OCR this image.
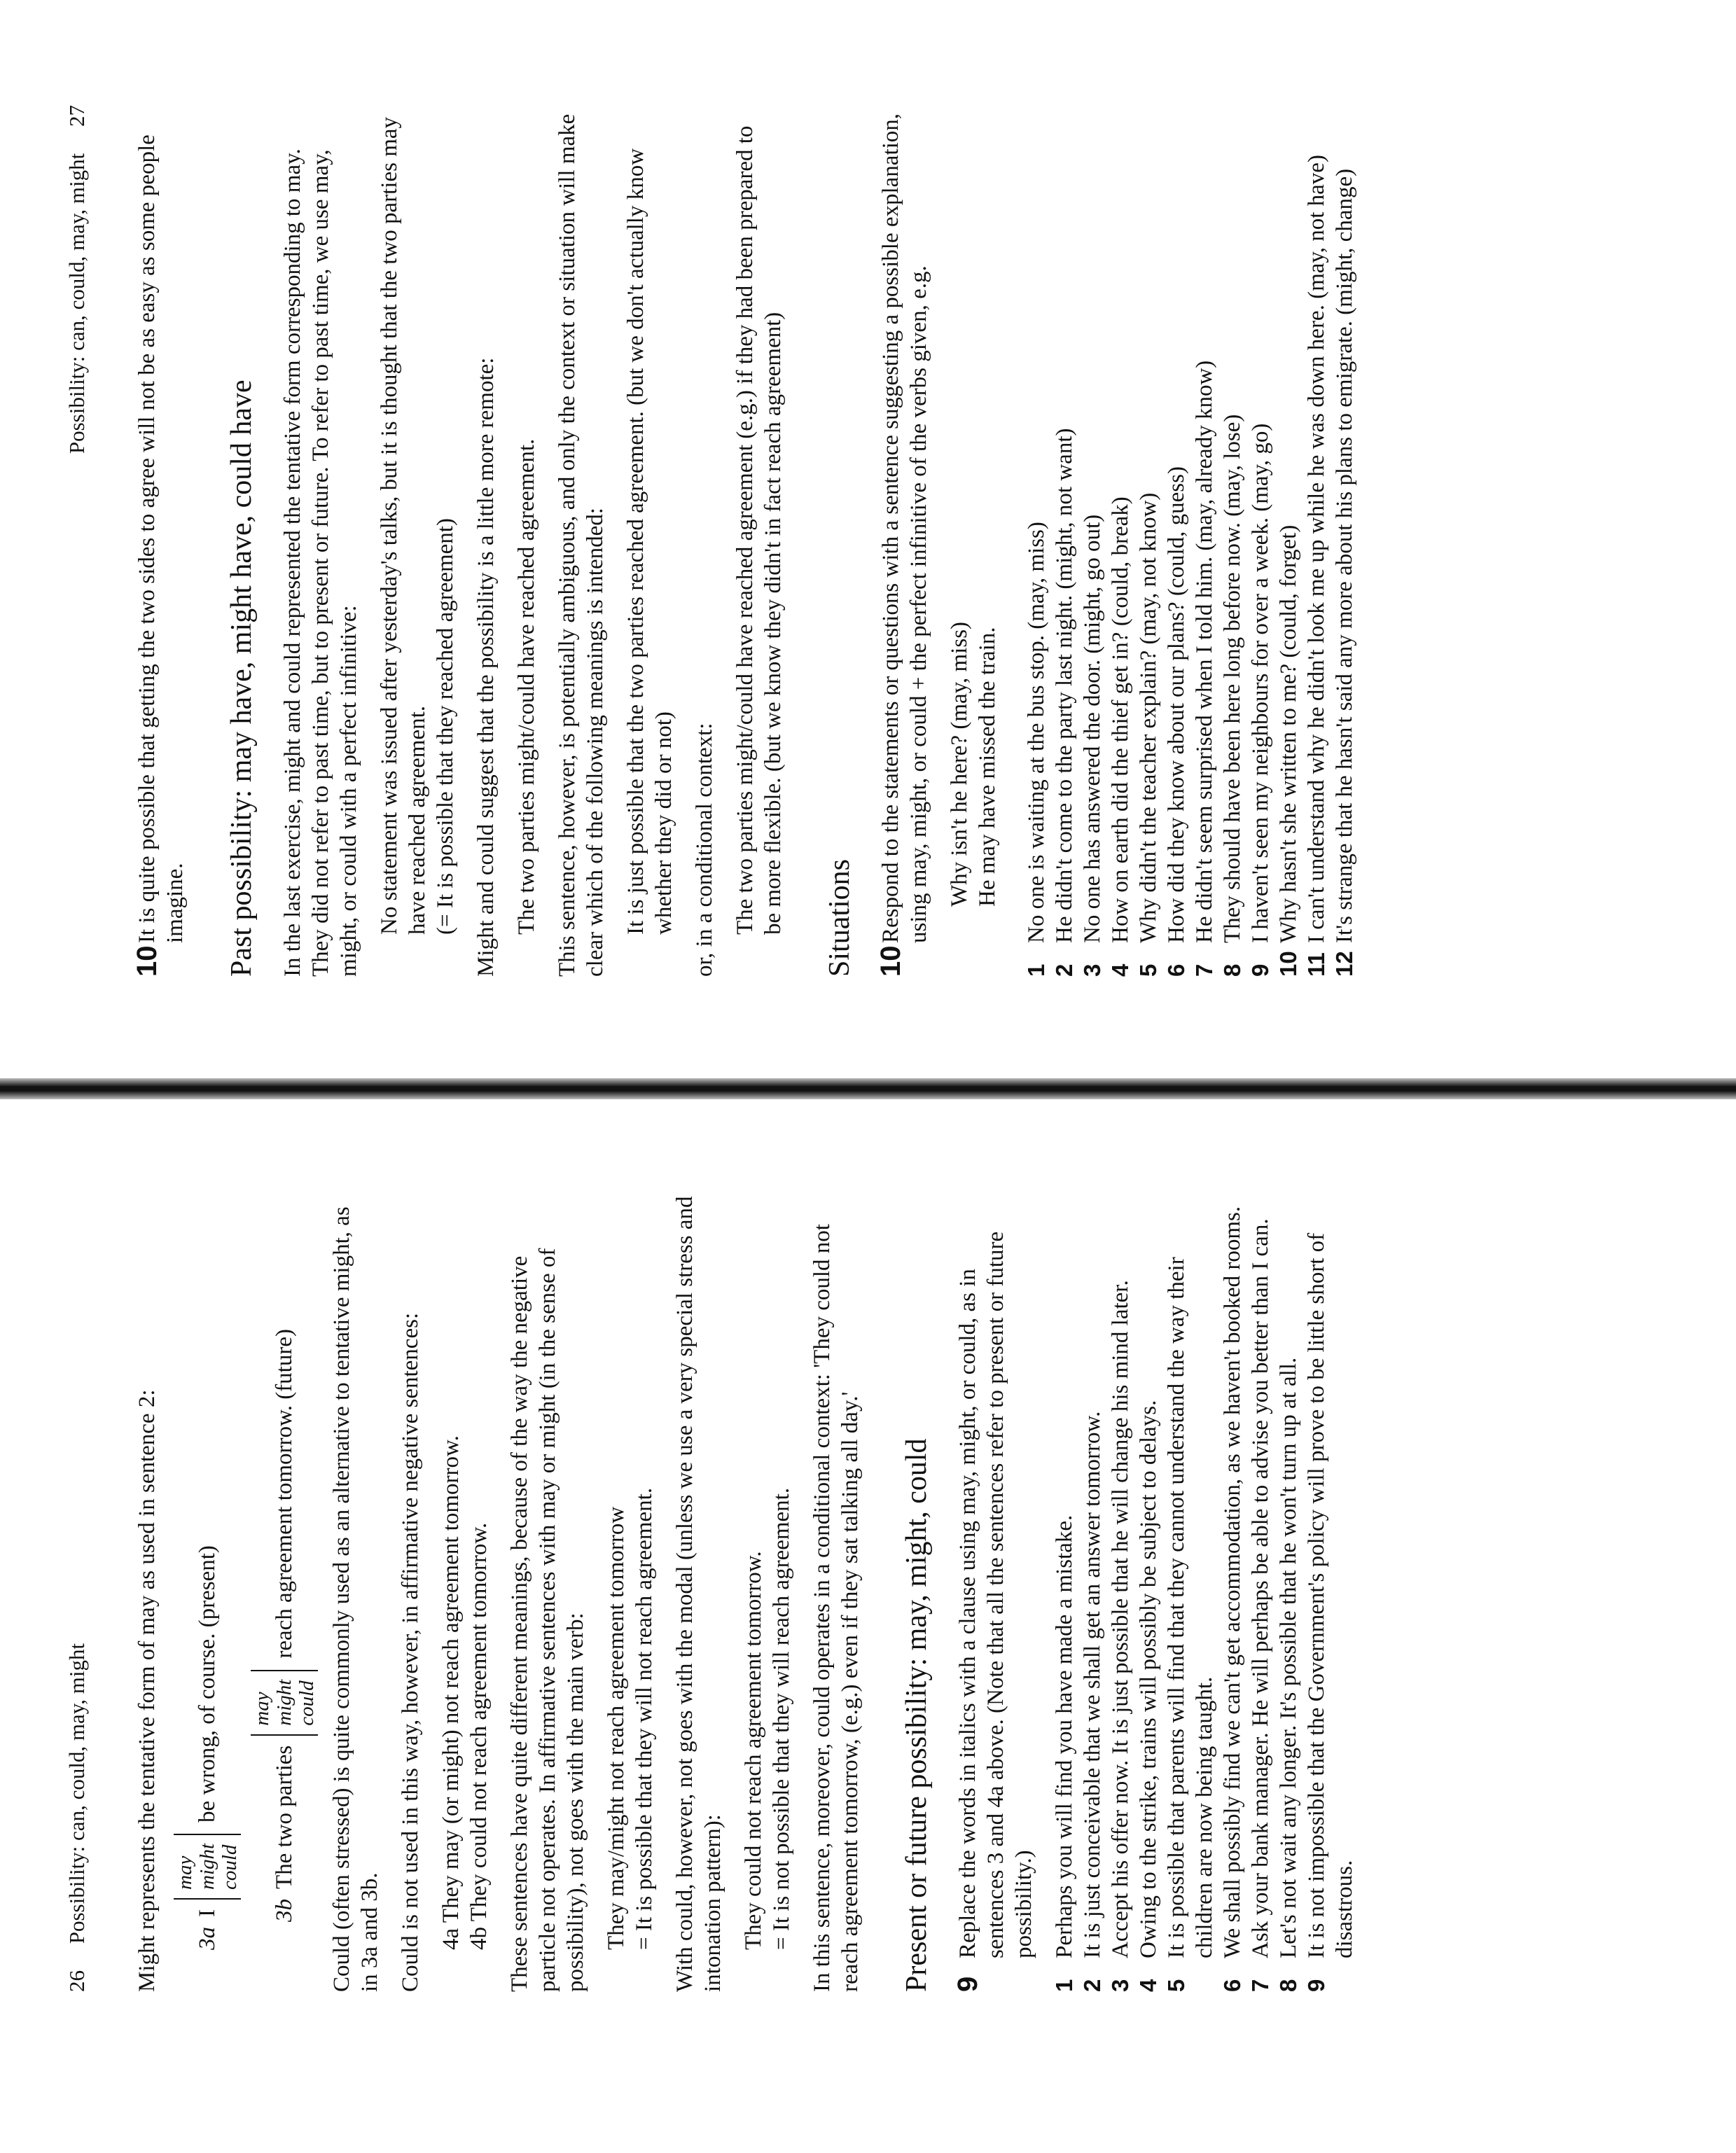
26 Possibility: can, could, may, might Might represents the tentative form of may as used in sentence 2: 3a
I
may might could
be wrong, of course. (present)
3b
The two parties
may might could
reach agreement tomorrow. (future) Could (often stressed) is quite commonly used as an alternative to tentative might, as in 3a and 3b. Could is not used in this way, however, in affirmative negative sentences: 4a They may (or might) not reach agreement tomorrow. 4b They could not reach agreement tomorrow. These sentences have quite different meanings, because of the way the negative particle not operates. In affirmative sentences with may or might (in the sense of possibility), not goes with the main verb: They may/might not reach agreement tomorrow = It is possible that they will not reach agreement. With could, however, not goes with the modal (unless we use a very special stress and intonation pattern): They could not reach agreement tomorrow. = It is not possible that they will reach agreement. In this sentence, moreover, could operates in a conditional context: 'They could not reach agreement tomorrow, (e.g.) even if they sat talking all day.' Present or future possibility: may, might, could 9
Replace the words in italics with a clause using may, might, or could, as in sentences 3 and 4a above. (Note that all the sentences refer to present or future possibility.)
1
Perhaps you will find you have made a mistake.
2
It is just conceivable that we shall get an answer tomorrow.
3
Accept his offer now. It is just possible that he will change his mind later.
4
Owing to the strike, trains will possibly be subject to delays.
5
It is possible that parents will find that they cannot understand the way their children are now being taught.
6
We shall possibly find we can't get accommodation, as we haven't booked rooms.
7
Ask your bank manager. He will perhaps be able to advise you better than I can.
8
Let's not wait any longer. It's possible that he won't turn up at all.
9
It is not impossible that the Government's policy will prove to be little short of disastrous.
Possibility: can, could, may, might 27
10
It is quite possible that getting the two sides to agree will not be as easy as some people imagine. Past possibility: may have, might have, could have In the last exercise, might and could represented the tentative form corresponding to may. They did not refer to past time, but to present or future. To refer to past time, we use may, might, or could with a perfect infinitive: No statement was issued after yesterday's talks, but it is thought that the two parties may have reached agreement. (= It is possible that they reached agreement) Might and could suggest that the possibility is a little more remote: The two parties might/could have reached agreement. This sentence, however, is potentially ambiguous, and only the context or situation will make clear which of the following meanings is intended: It is just possible that the two parties reached agreement. (but we don't actually know whether they did or not) or, in a conditional context: The two parties might/could have reached agreement (e.g.) if they had been prepared to be more flexible. (but we know they didn't in fact reach agreement) Situations 10
Respond to the statements or questions with a sentence suggesting a possible explanation, using may, might, or could + the perfect infinitive of the verbs given, e.g. Why isn't he here? (may, miss) He may have missed the train.

1
No one is waiting at the bus stop. (may, miss)
2
He didn't come to the party last night. (might, not want)
3
No one has answered the door. (might, go out)
4
How on earth did the thief get in? (could, break)
5
Why didn't the teacher explain? (may, not know)
6
How did they know about our plans? (could, guess)
7
He didn't seem surprised when I told him. (may, already know)
8
They should have been here long before now. (may, lose)
9
I haven't seen my neighbours for over a week. (may, go)
10
Why hasn't she written to me? (could, forget)
11
I can't understand why he didn't look me up while he was down here. (may, not have)
12
It's strange that he hasn't said any more about his plans to emigrate. (might, change)
